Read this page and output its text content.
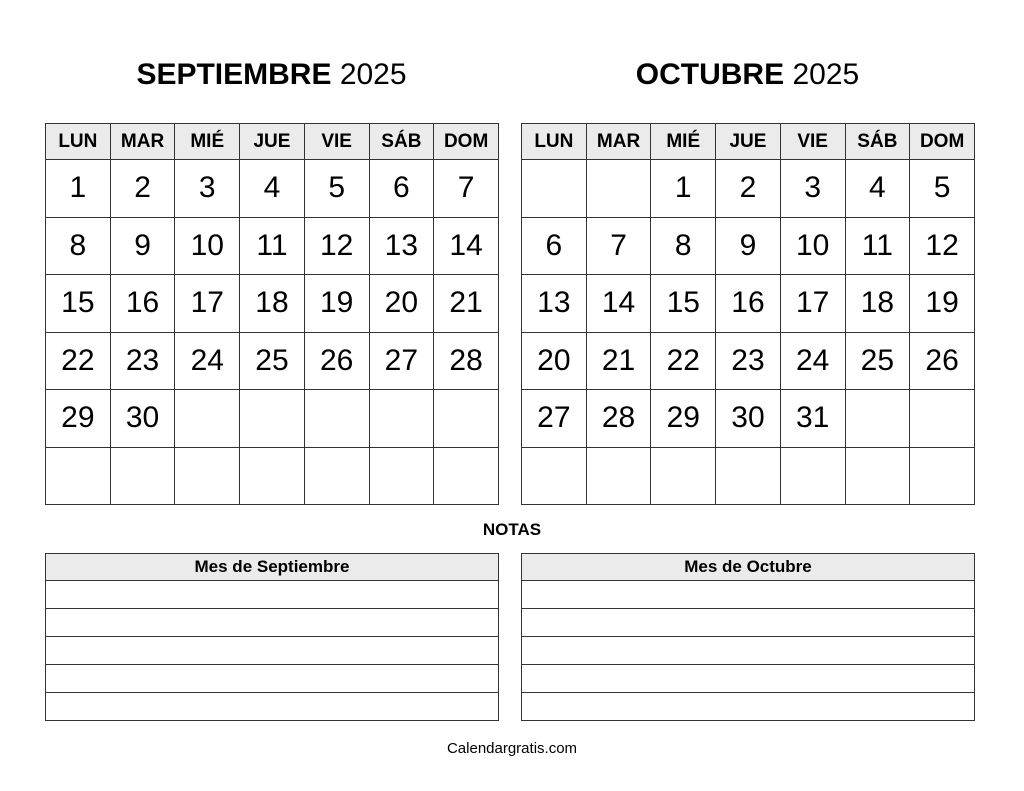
SEPTIEMBRE 2025
LUN	MAR	MIÉ	JUE	VIE	SÁB	DOM
1	2	3	4	5	6	7
8	9	10	11	12	13	14
15	16	17	18	19	20	21
22	23	24	25	26	27	28
29	30					

OCTUBRE 2025
LUN	MAR	MIÉ	JUE	VIE	SÁB	DOM
		1	2	3	4	5
6	7	8	9	10	11	12
13	14	15	16	17	18	19
20	21	22	23	24	25	26
27	28	29	30	31		

NOTAS
Mes de Septiembre	Mes de Octubre

Calendargratis.com
